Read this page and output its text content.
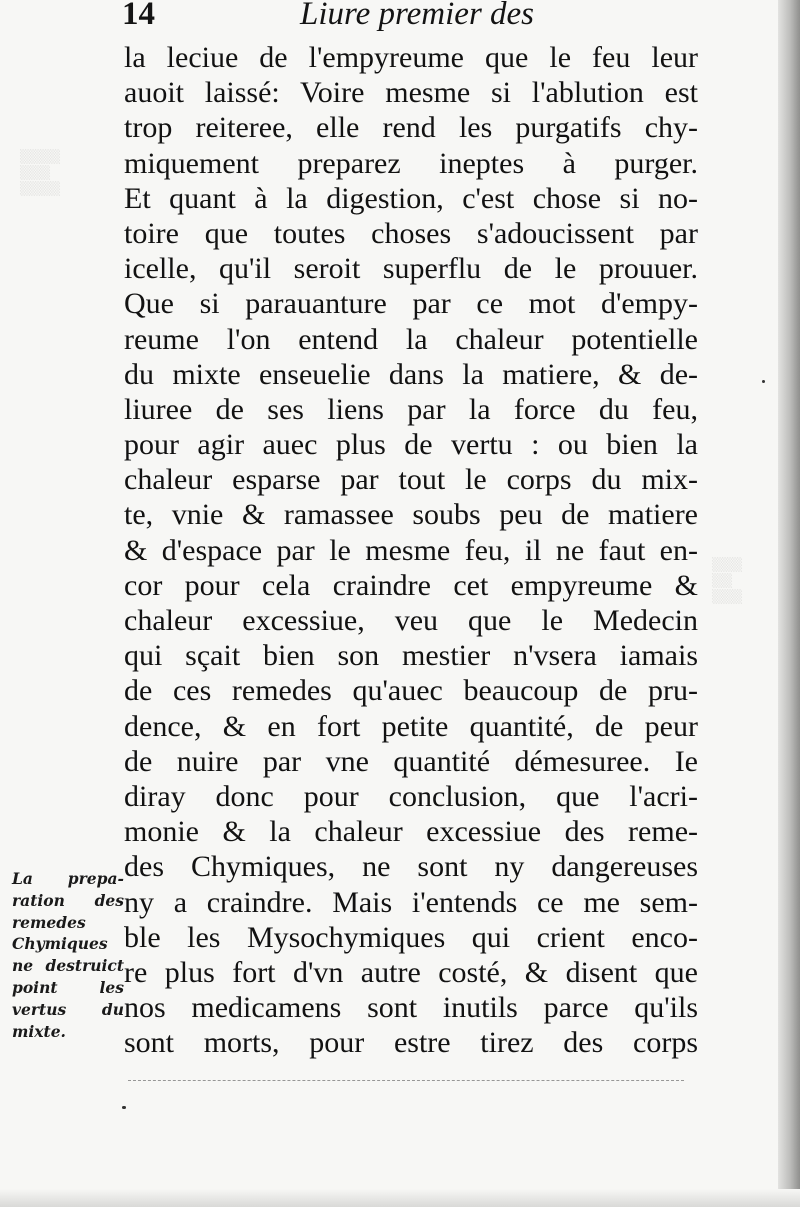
▒▒▒▒
▒▒▒
▒▒▒▒
▒▒▒
▒▒
▒▒▒
14	Liure premier des
la leciue de l'empyreume que le feu leur
auoit laissé: Voire mesme si l'ablution est
trop reiteree, elle rend les purgatifs chy-
miquement preparez ineptes à purger.
Et quant à la digestion, c'est chose si no-
toire que toutes choses s'adoucissent par
icelle, qu'il seroit superflu de le prouuer.
Que si parauanture par ce mot d'empy-
reume l'on entend la chaleur potentielle
du mixte enseuelie dans la matiere, & de-
liuree de ses liens par la force du feu,
pour agir auec plus de vertu : ou bien la
chaleur esparse par tout le corps du mix-
te, vnie & ramassee soubs peu de matiere
& d'espace par le mesme feu, il ne faut en-
cor pour cela craindre cet empyreume &
chaleur excessiue, veu que le Medecin
qui sçait bien son mestier n'vsera iamais
de ces remedes qu'auec beaucoup de pru-
dence, & en fort petite quantité, de peur
de nuire par vne quantité démesuree. Ie
diray donc pour conclusion, que l'acri-
monie & la chaleur excessiue des reme-
des Chymiques, ne sont ny dangereuses
ny a craindre. Mais i'entends ce me sem-
ble les Mysochymiques qui crient enco-
re plus fort d'vn autre costé, & disent que
nos medicamens sont inutils parce qu'ils
sont morts, pour estre tirez des corps
La prepa-
ration des
remedes
Chymiques
ne destruict
point les
vertus du
mixte.
